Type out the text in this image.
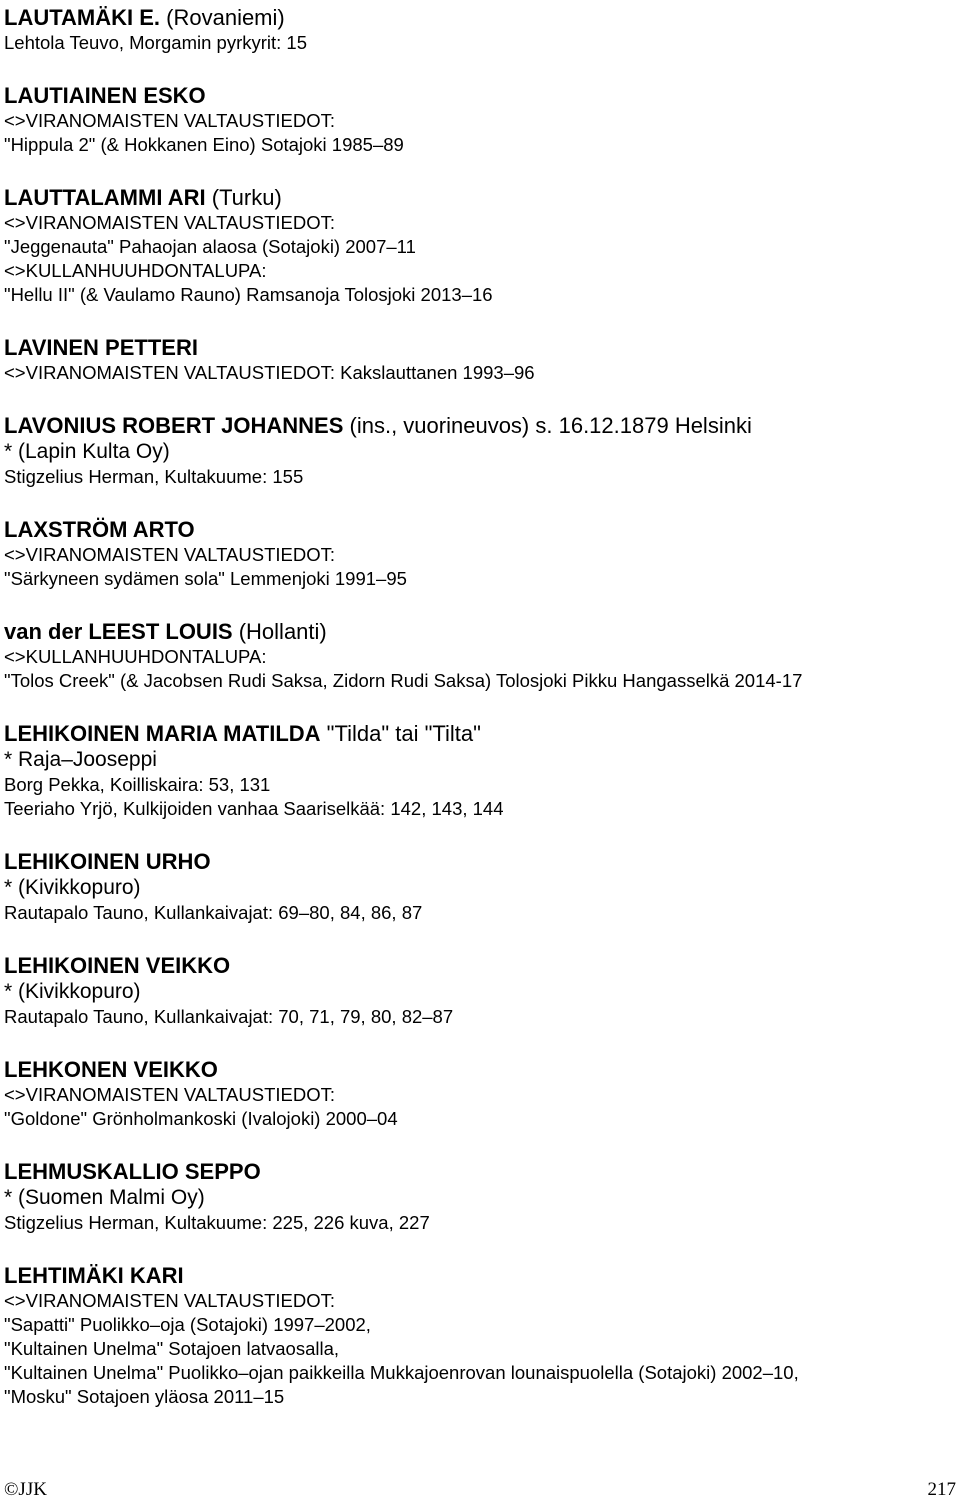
LAUTAMÄKI E. (Rovaniemi)
Lehtola Teuvo, Morgamin pyrkyrit: 15
LAUTIAINEN ESKO
<>VIRANOMAISTEN VALTAUSTIEDOT:
"Hippula 2" (& Hokkanen Eino) Sotajoki 1985–89
LAUTTALAMMI ARI (Turku)
<>VIRANOMAISTEN VALTAUSTIEDOT:
"Jeggenauta" Pahaojan alaosa (Sotajoki) 2007–11
<>KULLANHUUHDONTALUPA:
"Hellu II" (& Vaulamo Rauno) Ramsanoja Tolosjoki 2013–16
LAVINEN PETTERI
<>VIRANOMAISTEN VALTAUSTIEDOT: Kakslauttanen 1993–96
LAVONIUS ROBERT JOHANNES (ins., vuorineuvos) s. 16.12.1879 Helsinki
* (Lapin Kulta Oy)
Stigzelius Herman, Kultakuume: 155
LAXSTRÖM ARTO
<>VIRANOMAISTEN VALTAUSTIEDOT:
"Särkyneen sydämen sola" Lemmenjoki 1991–95
van der LEEST LOUIS (Hollanti)
<>KULLANHUUHDONTALUPA:
"Tolos Creek" (& Jacobsen Rudi Saksa, Zidorn Rudi Saksa) Tolosjoki Pikku Hangasselkä 2014-17
LEHIKOINEN MARIA MATILDA "Tilda" tai "Tilta"
* Raja–Jooseppi
Borg Pekka, Koilliskaira: 53, 131
Teeriaho Yrjö, Kulkijoiden vanhaa Saariselkää: 142, 143, 144
LEHIKOINEN URHO
* (Kivikkopuro)
Rautapalo Tauno, Kullankaivajat: 69–80, 84, 86, 87
LEHIKOINEN VEIKKO
* (Kivikkopuro)
Rautapalo Tauno, Kullankaivajat: 70, 71, 79, 80, 82–87
LEHKONEN VEIKKO
<>VIRANOMAISTEN VALTAUSTIEDOT:
"Goldone" Grönholmankoski (Ivalojoki) 2000–04
LEHMUSKALLIO SEPPO
* (Suomen Malmi Oy)
Stigzelius Herman, Kultakuume: 225, 226 kuva, 227
LEHTIMÄKI KARI
<>VIRANOMAISTEN VALTAUSTIEDOT:
"Sapatti" Puolikko–oja (Sotajoki) 1997–2002,
"Kultainen Unelma" Sotajoen latvaosalla,
"Kultainen Unelma" Puolikko–ojan paikkeilla Mukkajoenrovan lounaispuolella (Sotajoki) 2002–10,
"Mosku" Sotajoen yläosa 2011–15
©JJK	217
